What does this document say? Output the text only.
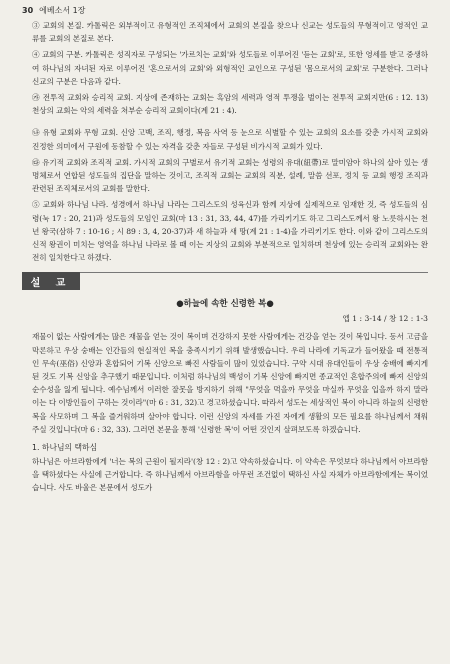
30 에베소서 1장

③ 교회의 본질. 카톨릭은 외부적이고 유형적인 조직체에서 교회의 본질을 찾으나 신교는 성도들의 무형적이고 영적인 교류를 교회의 본질로 본다.

④ 교회의 구분. 카톨릭은 성직자로 구성되는 '가르치는 교회'와 성도들로 이루어진 '듣는 교회'로, 또한 영세를 받고 중생하여 하나님의 자녀된 자로 이루어진 '혼으로서의 교회'와 외형적인 교인으로 구성된 '몸으로서의 교회'로 구분한다. 그러나 신교의 구분은 다음과 같다.

㉮ 전투적 교회와 승리적 교회. 지상에 존재하는 교회는 흑암의 세력과 영적 투쟁을 벌이는 전투적 교회지만(6 : 12. 13) 천상의 교회는 악의 세력을 쳐부순 승리적 교회이다(계 21 : 4).

㉯ 유형 교회와 무형 교회. 신앙 고백, 조직, 행정, 복음 사역 등 눈으로 식별할 수 있는 교회의 요소를 갖춘 가시적 교회와 진정한 의미에서 구원에 동참할 수 있는 자격을 갖춘 자들로 구성된 비가시적 교회가 있다.

㉰ 유기적 교회와 조직적 교회. 가시적 교회의 구별로서 유기적 교회는 성령의 유대(紐帶)로 말미암아 하나의 살아 있는 생명체로서 연합된 성도들의 집단을 말하는 것이고, 조직적 교회는 교회의 직분, 설례, 말씀 선포, 정치 등 교회 행정 조직과 관련된 조직체로서의 교회를 말한다.

⑤ 교회와 하나님 나라. 성경에서 하나님 나라는 그리스도의 성육신과 함께 지상에 실제적으로 임재한 것, 즉 성도들의 심령(눅 17 : 20, 21)과 성도들의 모임인 교회(마 13 : 31, 33, 44, 47)를 가리키기도 하고 그리스도께서 왕 노릇하시는 천년 왕국(삼하 7 : 10-16 ; 시 89 : 3, 4, 20-37)과 새 하늘과 새 땅(계 21 : 1-4)을 가리키기도 한다. 이와 같이 그리스도의 신적 왕권이 미치는 영역을 하나님 나라로 볼 때 이는 지상의 교회와 부분적으로 일치하며 천상에 있는 승리적 교회와는 완전히 일치한다고 하겠다.

설 교
●하늘에 속한 신령한 복●
엡 1 : 3-14 / 창 12 : 1-3

재물이 없는 사람에게는 많은 재물을 얻는 것이 복이며 건강하지 못한 사람에게는 건강을 얻는 것이 복입니다. 동서 고금을 막론하고 우상 숭배는 인간들의 현실적인 복을 충족시키기 위해 발생했습니다. 우리 나라에 기독교가 들어왔을 때 전통적인 무속(巫俗) 신앙과 혼합되어 기복 신앙으로 빠진 사람들이 많이 있었습니다. 구약 시대 유대인들이 우상 숭배에 빠지게 된 것도 기복 신앙을 추구했기 때문입니다. 이처럼 하나님의 백성이 기복 신앙에 빠지면 종교적인 혼합주의에 빠져 신앙의 순수성을 잃게 됩니다. 예수님께서 이러한 잘못을 방지하기 위해 "무엇을 먹을까 무엇을 마실까 무엇을 입을까 하지 말라 이는 다 이방인들이 구하는 것이라"(마 6 : 31, 32)고 경고하셨습니다. 따라서 성도는 세상적인 복이 아니라 하늘의 신령한 복을 사모하며 그 복을 즐거워하며 살아야 합니다. 이런 신앙의 자세를 가진 자에게 생활의 모든 필요를 하나님께서 채워 주실 것입니다(마 6 : 32, 33). 그러면 본문을 통해 '신령한 복'이 어떤 것인지 살펴보도록 하겠습니다.

1. 하나님의 택하심

하나님은 아브라함에게 '너는 복의 근원이 될지라'(창 12 : 2)고 약속하셨습니다. 이 약속은 무엇보다 하나님께서 아브라함을 택하셨다는 사실에 근거합니다. 즉 하나님께서 아브라함을 아무런 조건없이 택하신 사실 자체가 아브라함에게는 복이었습니다. 사도 바울은 본문에서 성도가
